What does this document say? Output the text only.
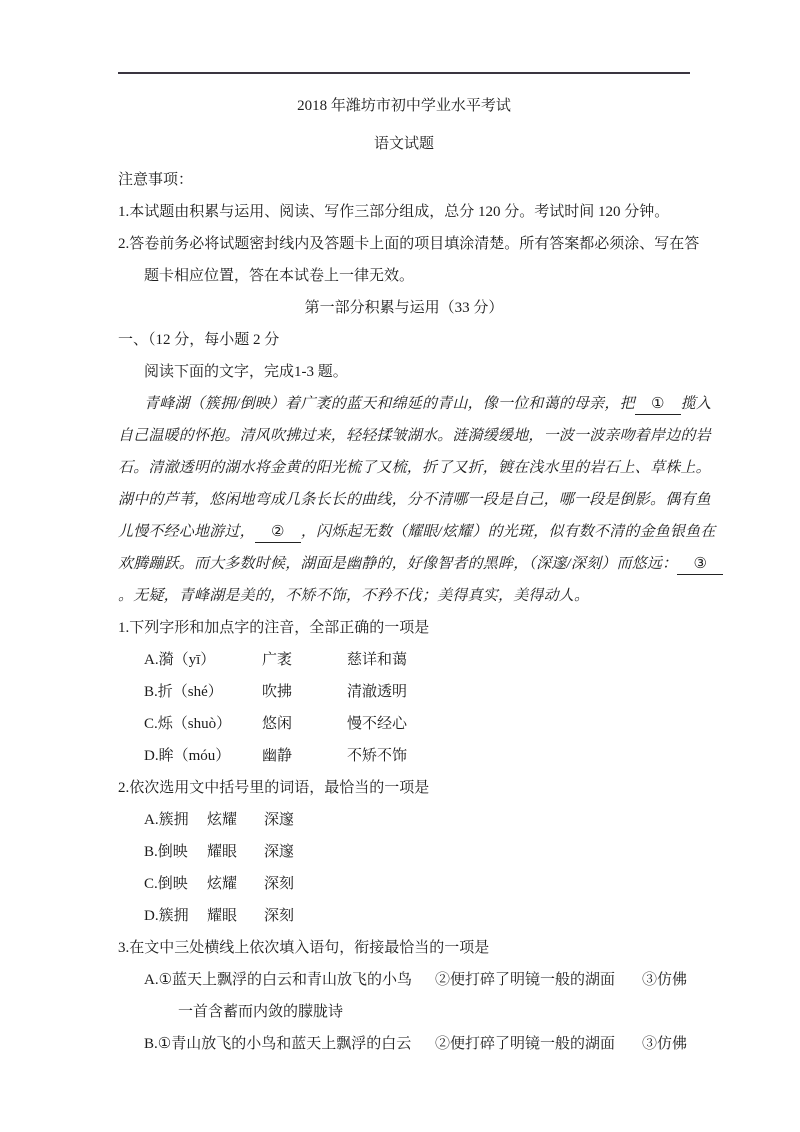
2018 年潍坊市初中学业水平考试
语文试题
注意事项：
1.本试题由积累与运用、阅读、写作三部分组成，总分 120 分。考试时间 120 分钟。
2.答卷前务必将试题密封线内及答题卡上面的项目填涂清楚。所有答案都必须涂、写在答
题卡相应位置，答在本试卷上一律无效。
第一部分积累与运用（33 分）
一、（12 分，每小题 2 分
阅读下面的文字，完成1-3 题。
青峰湖（簇拥/倒映）着广袤的蓝天和绵延的青山，像一位和蔼的母亲，把 ① 揽入
自己温暖的怀抱。清风吹拂过来，轻轻揉皱湖水。涟漪缓缓地，一波一波亲吻着岸边的岩
石。清澈透明的湖水将金黄的阳光梳了又梳，折了又折，镀在浅水里的岩石上、草株上。
湖中的芦苇，悠闲地弯成几条长长的曲线，分不清哪一段是自己，哪一段是倒影。偶有鱼
儿慢不经心地游过， ② ，闪烁起无数（耀眼/炫耀）的光斑，似有数不清的金鱼银鱼在
欢腾蹦跃。而大多数时候，湖面是幽静的，好像智者的黑眸，（深邃/深刻）而悠远： ③
。无疑，青峰湖是美的，不矫不饰，不矜不伐；美得真实，美得动人。
1.下列字形和加点字的注音，全部正确的一项是
A.漪（yī）	广袤	慈详和蔼
B.折（shé）	吹拂	清澈透明
C.烁（shuò）	悠闲	慢不经心
D.眸（móu）	幽静	不矫不饰
2.依次选用文中括号里的词语，最恰当的一项是
A.簇拥	炫耀	深邃
B.倒映	耀眼	深邃
C.倒映	炫耀	深刻
D.簇拥	耀眼	深刻
3.在文中三处横线上依次填入语句，衔接最恰当的一项是
A.①蓝天上飘浮的白云和青山放飞的小鸟	②便打碎了明镜一般的湖面	③仿佛
一首含蓄而内敛的朦胧诗
B.①青山放飞的小鸟和蓝天上飘浮的白云	②便打碎了明镜一般的湖面	③仿佛
